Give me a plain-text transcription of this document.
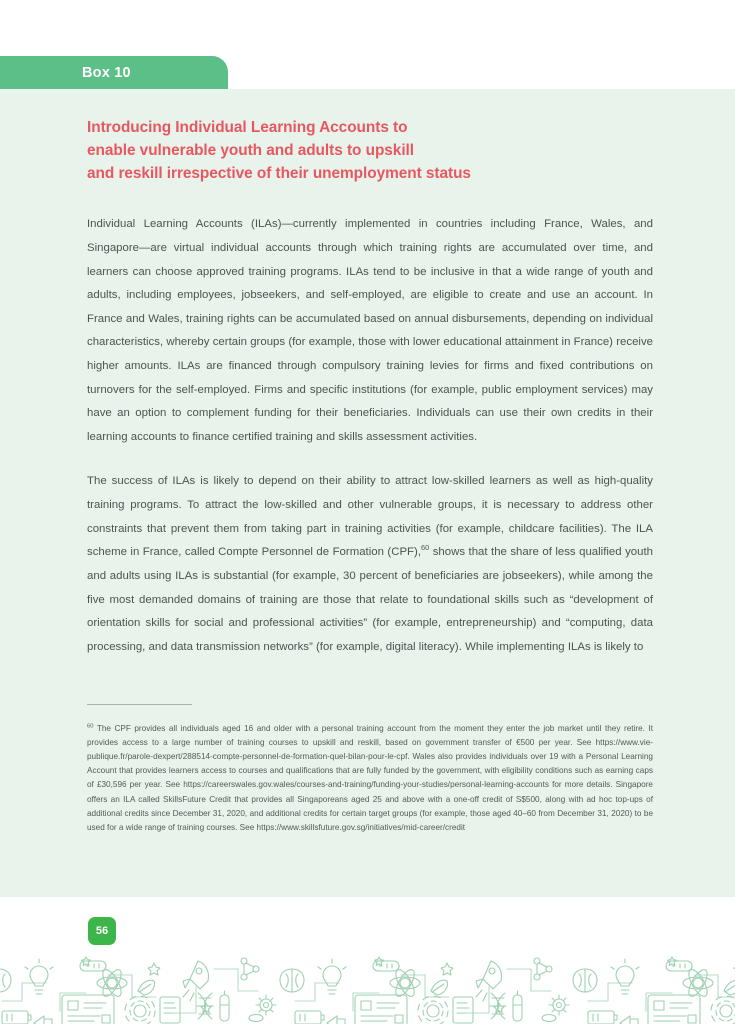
Box 10
Introducing Individual Learning Accounts to
enable vulnerable youth and adults to upskill
and reskill irrespective of their unemployment status

Individual Learning Accounts (ILAs)—currently implemented in countries including France, Wales, and Singapore—are virtual individual accounts through which training rights are accumulated over time, and learners can choose approved training programs. ILAs tend to be inclusive in that a wide range of youth and adults, including employees, jobseekers, and self-employed, are eligible to create and use an account. In France and Wales, training rights can be accumulated based on annual disbursements, depending on individual characteristics, whereby certain groups (for example, those with lower educational attainment in France) receive higher amounts. ILAs are financed through compulsory training levies for firms and fixed contributions on turnovers for the self-employed. Firms and specific institutions (for example, public employment services) may have an option to complement funding for their beneficiaries. Individuals can use their own credits in their learning accounts to finance certified training and skills assessment activities.

The success of ILAs is likely to depend on their ability to attract low-skilled learners as well as high-quality training programs. To attract the low-skilled and other vulnerable groups, it is necessary to address other constraints that prevent them from taking part in training activities (for example, childcare facilities). The ILA scheme in France, called Compte Personnel de Formation (CPF),$^{60}$ shows that the share of less qualified youth and adults using ILAs is substantial (for example, 30 percent of beneficiaries are jobseekers), while among the five most demanded domains of training are those that relate to foundational skills such as “development of orientation skills for social and professional activities” (for example, entrepreneurship) and “computing, data processing, and data transmission networks” (for example, digital literacy). While implementing ILAs is likely to

$^{60}$ The CPF provides all individuals aged 16 and older with a personal training account from the moment they enter the job market until they retire. It provides access to a large number of training courses to upskill and reskill, based on government transfer of €500 per year. See https://www.vie-publique.fr/parole-dexpert/288514-compte-personnel-de-formation-quel-bilan-pour-le-cpf. Wales also provides individuals over 19 with a Personal Learning Account that provides learners access to courses and qualifications that are fully funded by the government, with eligibility conditions such as earning caps of £30,596 per year. See https://careerswales.gov.wales/courses-and-training/funding-your-studies/personal-learning-accounts for more details. Singapore offers an ILA called SkillsFuture Credit that provides all Singaporeans aged 25 and above with a one-off credit of S$500, along with ad hoc top-ups of additional credits since December 31, 2020, and additional credits for certain target groups (for example, those aged 40–60 from December 31, 2020) to be used for a wide range of training courses. See https://www.skillsfuture.gov.sg/initiatives/mid-career/credit

56
